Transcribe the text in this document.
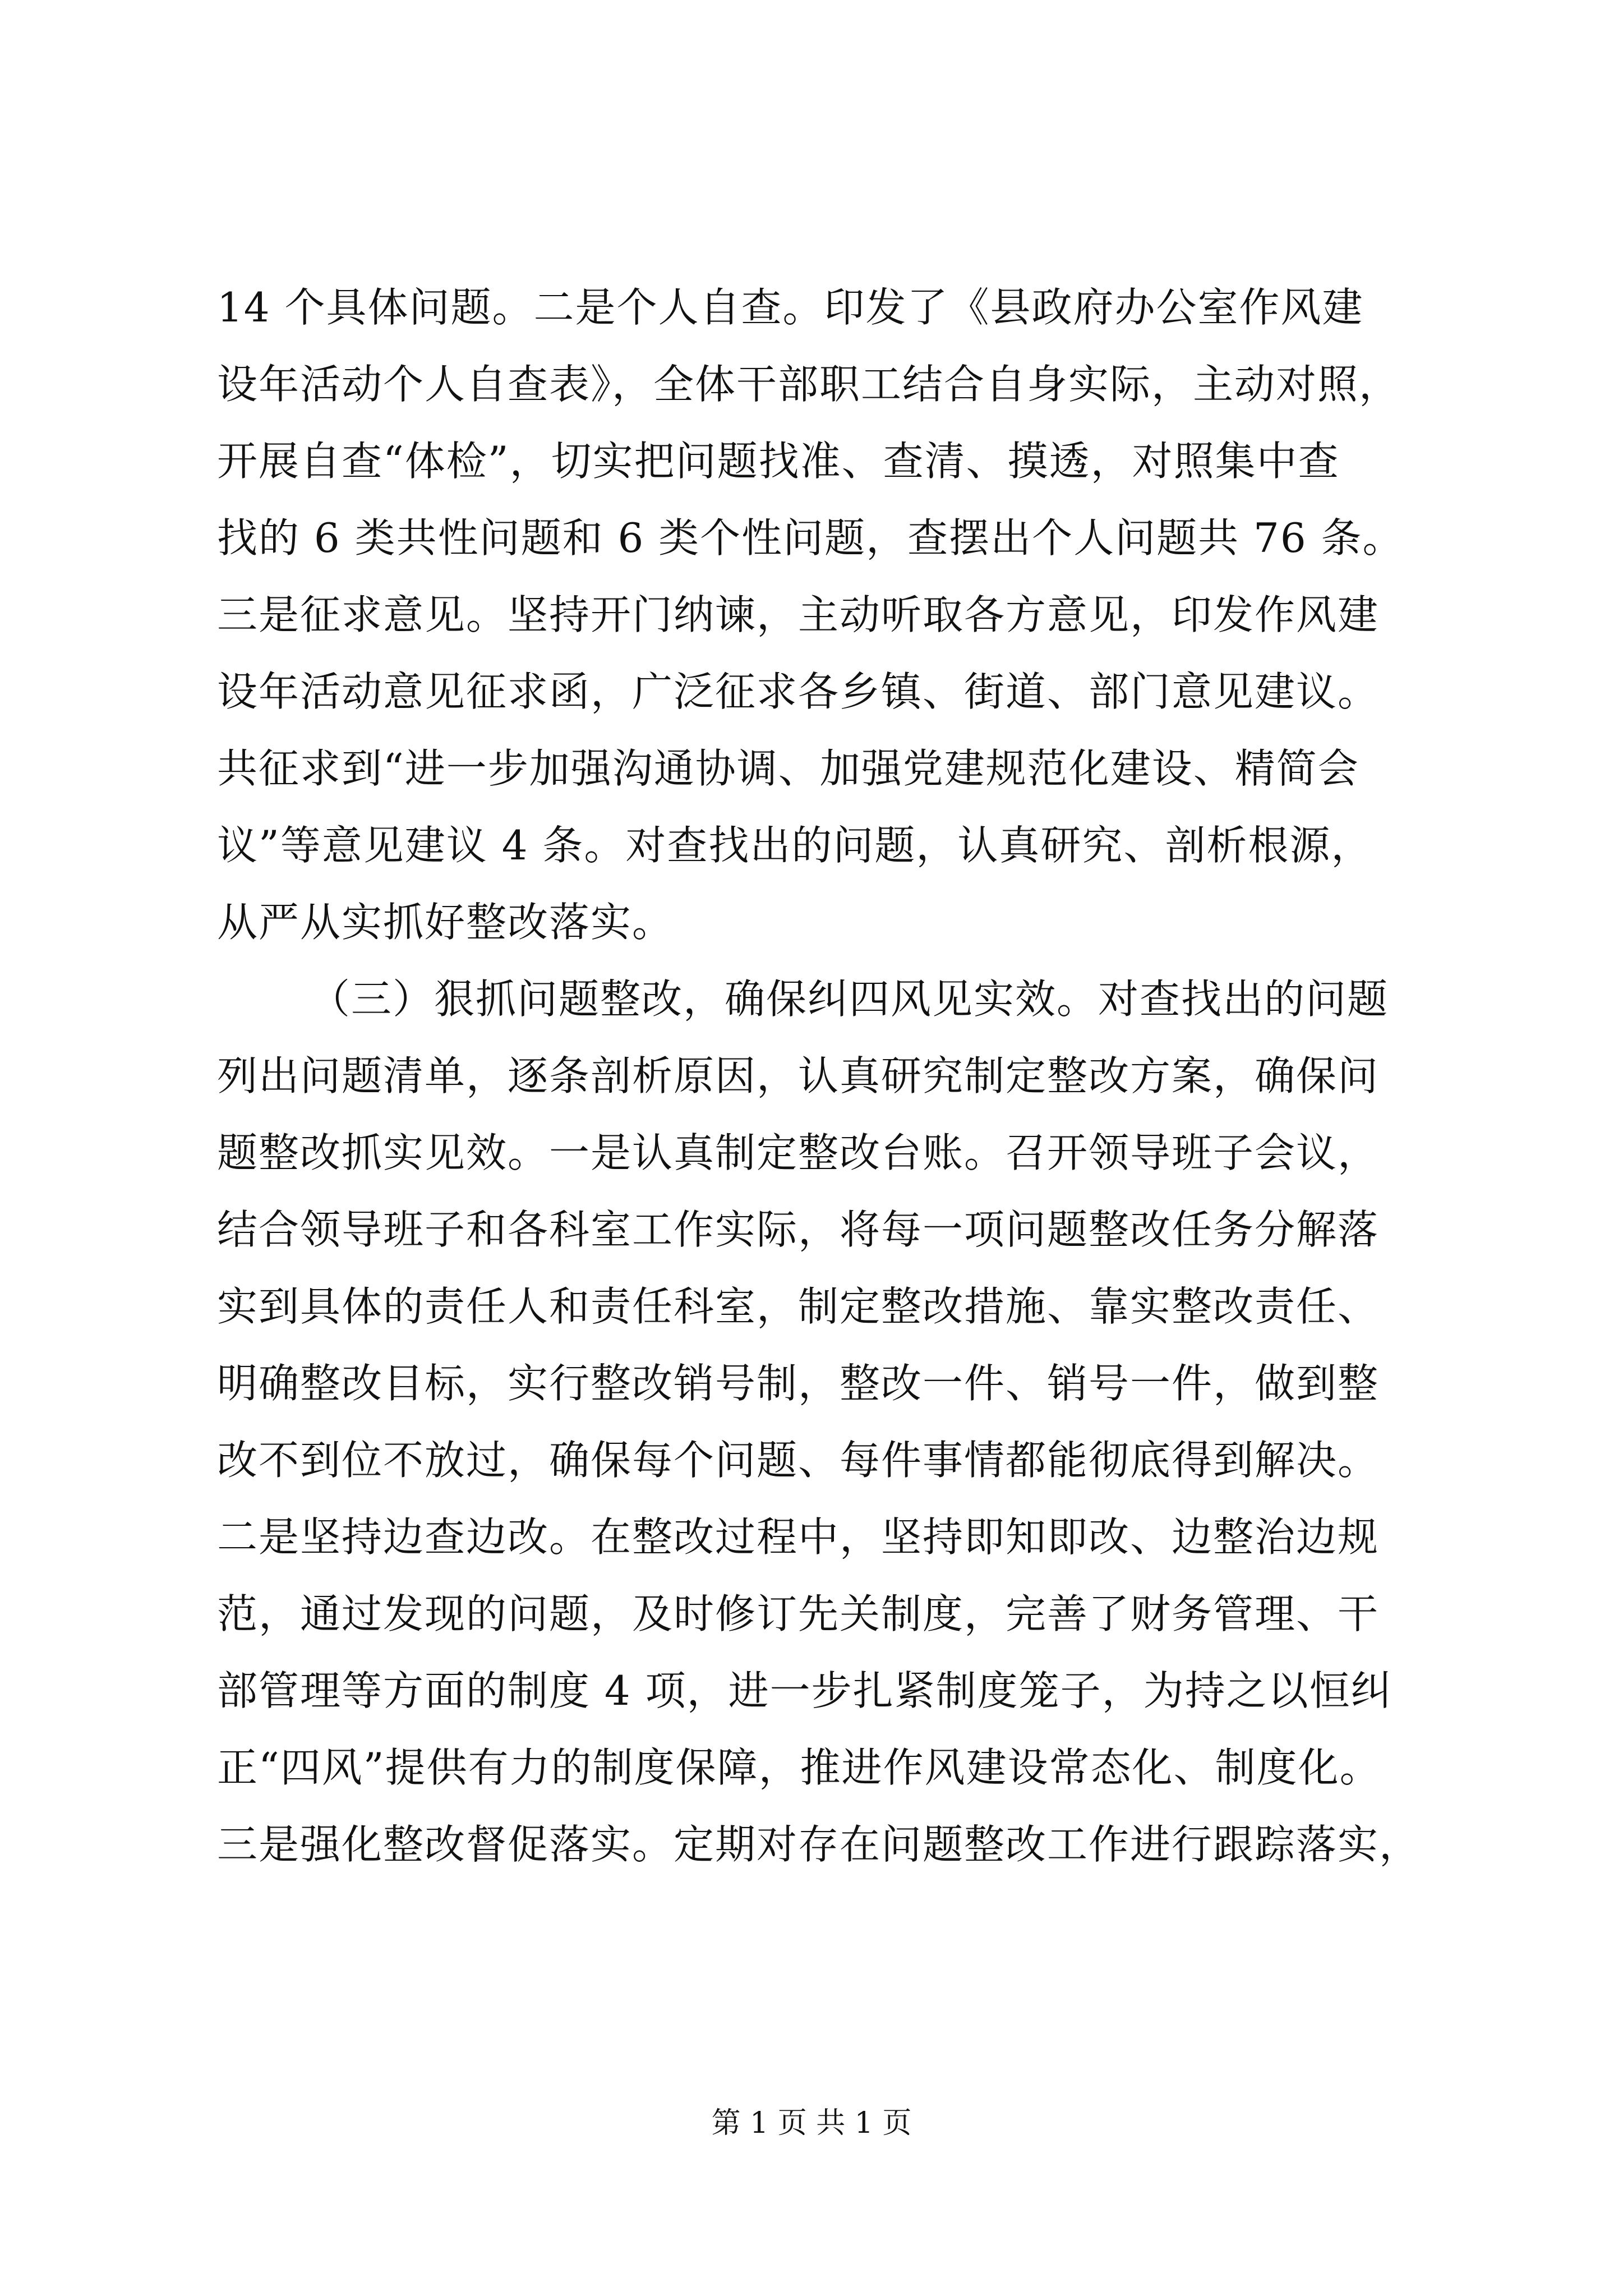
14 个具体问题。二是个人自查。印发了《县政府办公室作风建
设年活动个人自查表》，全体干部职工结合自身实际，主动对照，
开展自查“体检”，切实把问题找准、查清、摸透，对照集中查
找的 6 类共性问题和 6 类个性问题，查摆出个人问题共 76 条。
三是征求意见。坚持开门纳谏，主动听取各方意见，印发作风建
设年活动意见征求函，广泛征求各乡镇、街道、部门意见建议。
共征求到“进一步加强沟通协调、加强党建规范化建设、精简会
议”等意见建议 4 条。对查找出的问题，认真研究、剖析根源，
从严从实抓好整改落实。
（三）狠抓问题整改，确保纠四风见实效。对查找出的问题
列出问题清单，逐条剖析原因，认真研究制定整改方案，确保问
题整改抓实见效。一是认真制定整改台账。召开领导班子会议，
结合领导班子和各科室工作实际，将每一项问题整改任务分解落
实到具体的责任人和责任科室，制定整改措施、靠实整改责任、
明确整改目标，实行整改销号制，整改一件、销号一件，做到整
改不到位不放过，确保每个问题、每件事情都能彻底得到解决。
二是坚持边查边改。在整改过程中，坚持即知即改、边整治边规
范，通过发现的问题，及时修订先关制度，完善了财务管理、干
部管理等方面的制度 4 项，进一步扎紧制度笼子，为持之以恒纠
正“四风”提供有力的制度保障，推进作风建设常态化、制度化。
三是强化整改督促落实。定期对存在问题整改工作进行跟踪落实，
第 1 页 共 1 页
